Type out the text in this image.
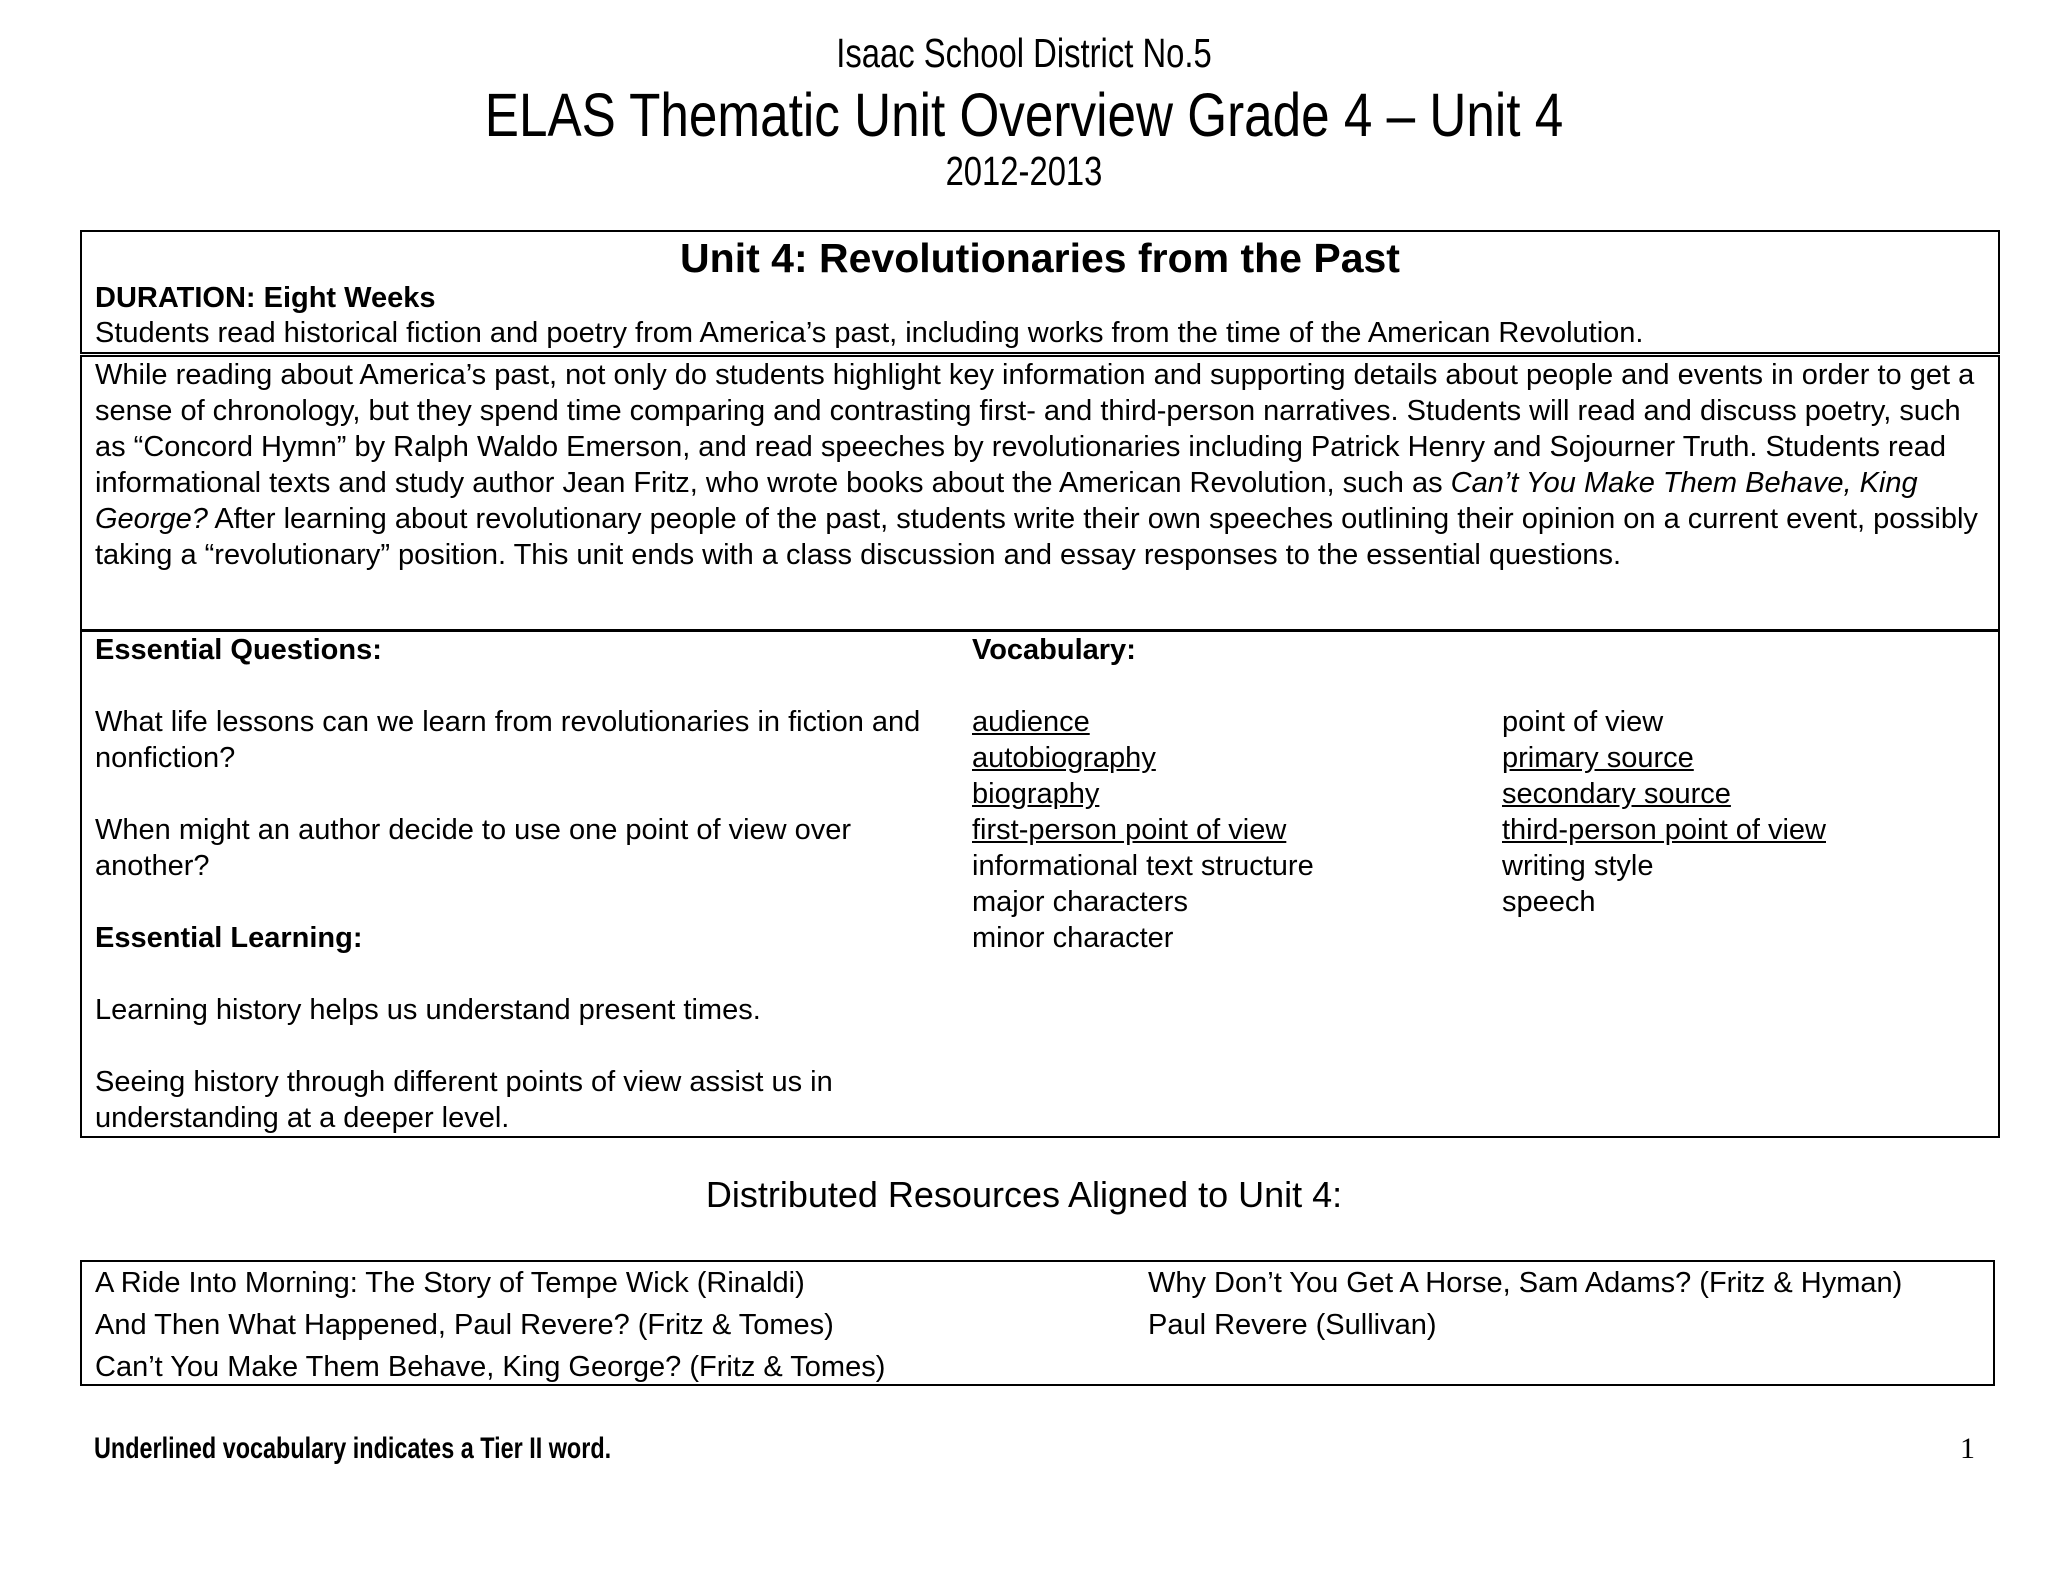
Isaac School District No.5
ELAS Thematic Unit Overview Grade 4 – Unit 4
2012-2013
Unit 4: Revolutionaries from the Past
DURATION: Eight Weeks
Students read historical fiction and poetry from America’s past, including works from the time of the American Revolution.
While reading about America’s past, not only do students highlight key information and supporting details about people and events in order to get a sense of chronology, but they spend time comparing and contrasting first- and third-person narratives. Students will read and discuss poetry, such as “Concord Hymn” by Ralph Waldo Emerson, and read speeches by revolutionaries including Patrick Henry and Sojourner Truth. Students read informational texts and study author Jean Fritz, who wrote books about the American Revolution, such as Can’t You Make Them Behave, King George? After learning about revolutionary people of the past, students write their own speeches outlining their opinion on a current event, possibly taking a “revolutionary” position. This unit ends with a class discussion and essay responses to the essential questions.
Essential Questions:
What life lessons can we learn from revolutionaries in fiction and nonfiction?
When might an author decide to use one point of view over another?
Essential Learning:
Learning history helps us understand present times.
Seeing history through different points of view assist us in understanding at a deeper level.
Vocabulary:
audience
autobiography
biography
first-person point of view
informational text structure
major characters
minor character
point of view
primary source
secondary source
third-person point of view
writing style
speech
Distributed Resources Aligned to Unit 4:
A Ride Into Morning: The Story of Tempe Wick (Rinaldi)
And Then What Happened, Paul Revere? (Fritz & Tomes)
Can’t You Make Them Behave, King George? (Fritz & Tomes)
Why Don’t You Get A Horse, Sam Adams? (Fritz & Hyman)
Paul Revere (Sullivan)
Underlined vocabulary indicates a Tier II word.	1
